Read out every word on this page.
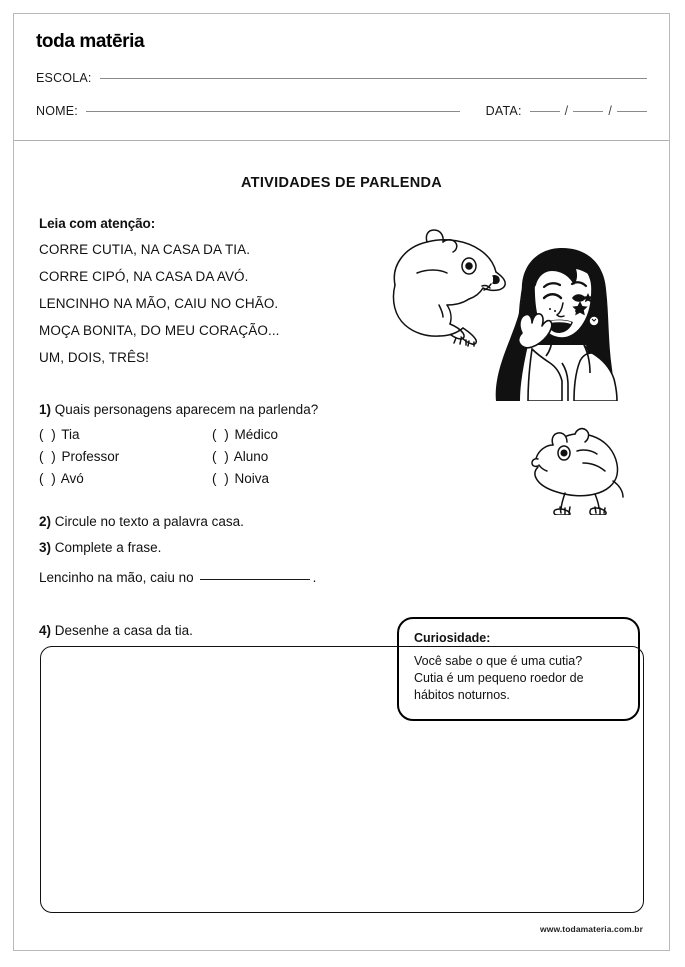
toda matēria
ESCOLA:
NOME:	DATA:	/	/
ATIVIDADES DE PARLENDA
Leia com atenção:
CORRE CUTIA, NA CASA DA TIA.
CORRE CIPÓ, NA CASA DA AVÓ.
LENCINHO NA MÃO, CAIU NO CHÃO.
MOÇA BONITA, DO MEU CORAÇÃO...
UM, DOIS, TRÊS!
1) Quais personagens aparecem na parlenda?
( ) Tia	( ) Médico
( ) Professor	( ) Aluno
( ) Avó	( ) Noiva
2) Circule no texto a palavra casa.
3) Complete a frase.
Lencinho na mão, caiu no	.
Curiosidade:
Você sabe o que é uma cutia?
Cutia é um pequeno roedor de
hábitos noturnos.
4) Desenhe a casa da tia.
www.todamateria.com.br
